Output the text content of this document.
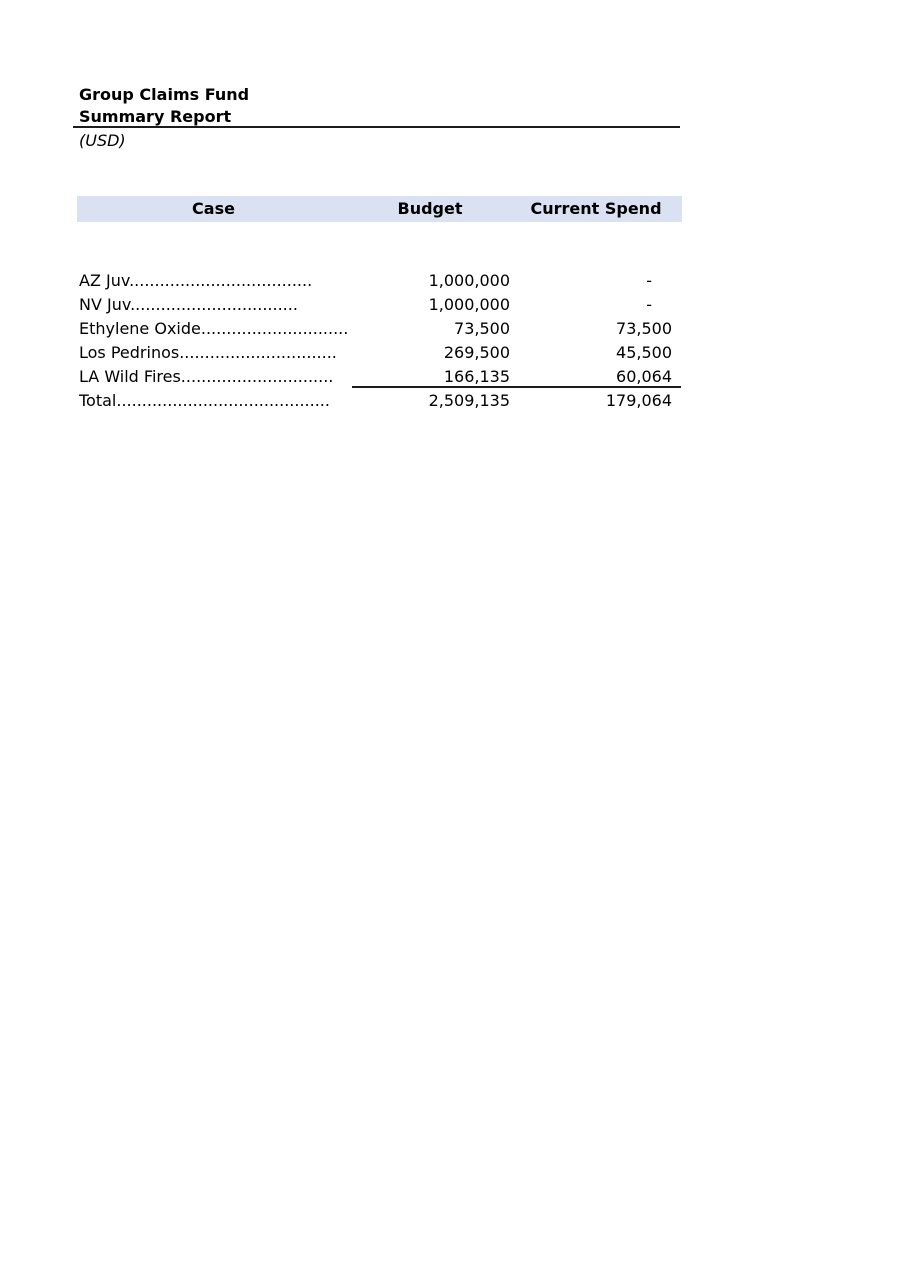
Group Claims Fund
Summary Report
(USD)
Case	Budget	Current Spend
AZ Juv....................................	1,000,000	-
NV Juv.................................	1,000,000	-
Ethylene Oxide.............................	73,500	73,500
Los Pedrinos...............................	269,500	45,500
LA Wild Fires..............................	166,135	60,064
Total..........................................	2,509,135	179,064
